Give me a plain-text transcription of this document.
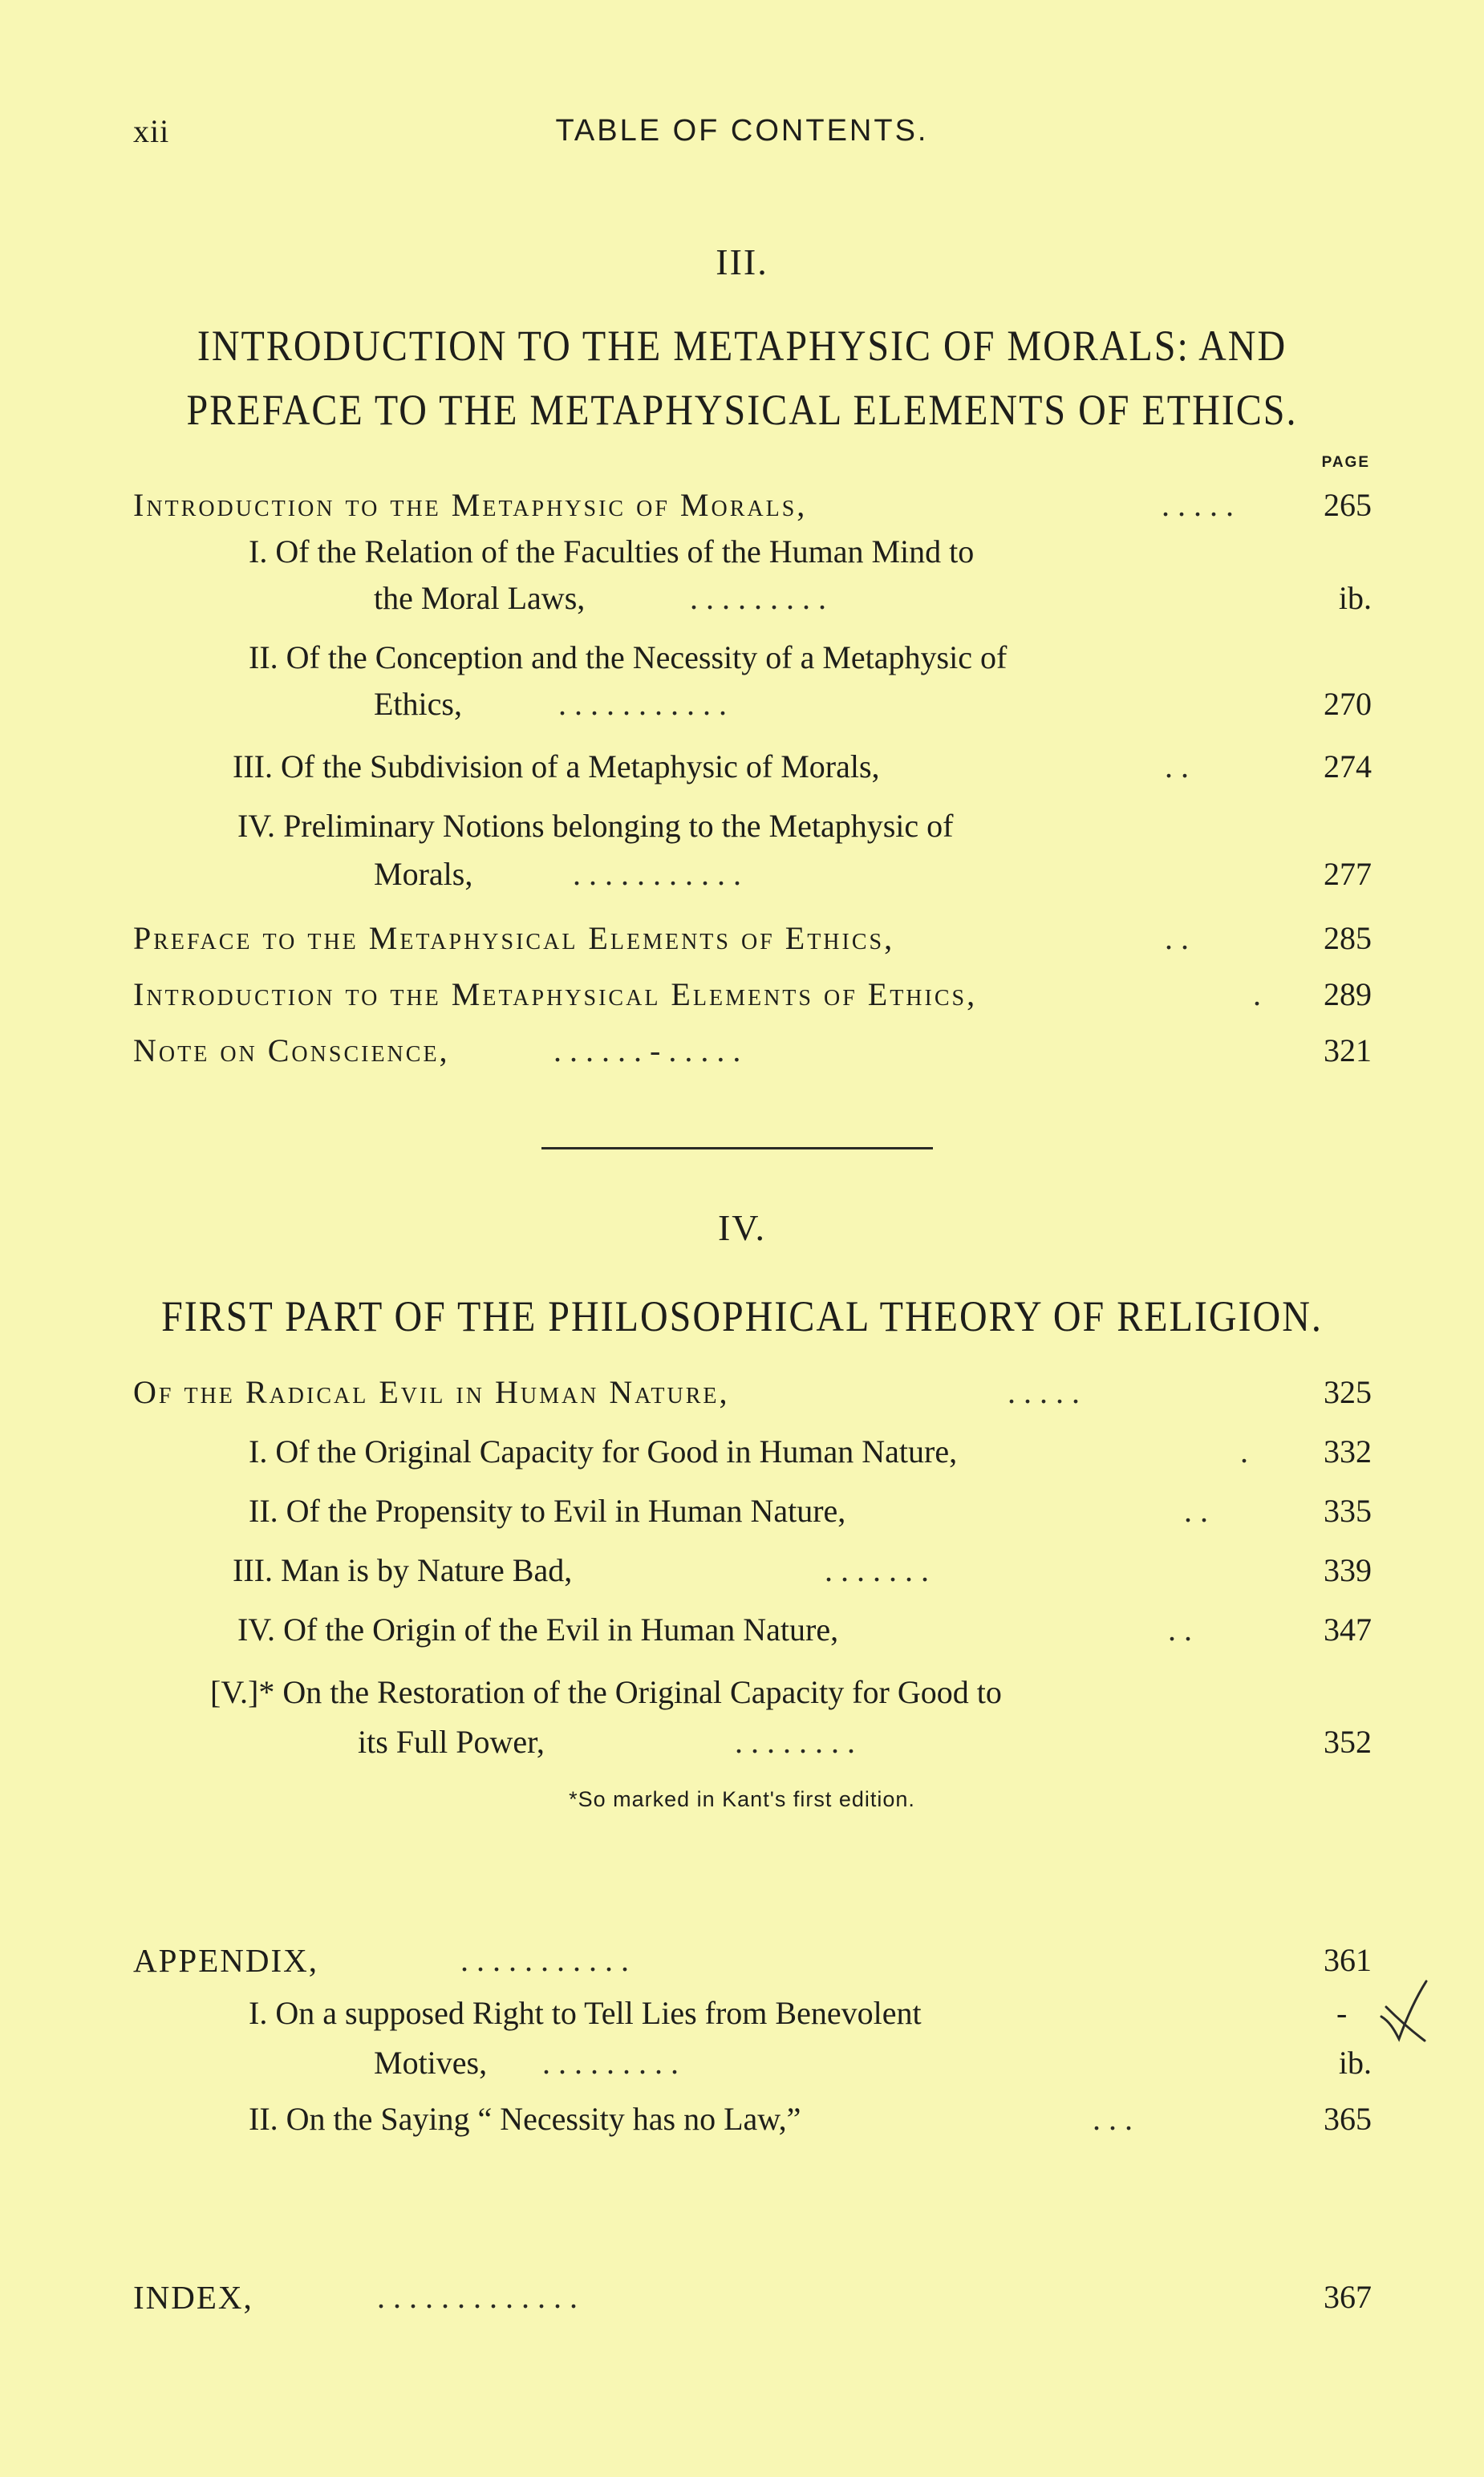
xii	TABLE OF CONTENTS.
III.
INTRODUCTION TO THE METAPHYSIC OF MORALS: AND
PREFACE TO THE METAPHYSICAL ELEMENTS OF ETHICS.
PAGE
Introduction to the Metaphysic of Morals,	. . . . .	265
I. Of the Relation of the Faculties of the Human Mind to
the Moral Laws,	. . . . . . . . .	ib.
II. Of the Conception and the Necessity of a Metaphysic of
Ethics,	. . . . . . . . . . .	270
III. Of the Subdivision of a Metaphysic of Morals,	. .	274
IV. Preliminary Notions belonging to the Metaphysic of
Morals,	. . . . . . . . . . .	277
Preface to the Metaphysical Elements of Ethics,	. .	285
Introduction to the Metaphysical Elements of Ethics,	. 289
Note on Conscience,	. . . . . . - . . . . .	321
IV.
FIRST PART OF THE PHILOSOPHICAL THEORY OF RELIGION.
Of the Radical Evil in Human Nature,	. . . . .	325
I. Of the Original Capacity for Good in Human Nature,	. 332
II. Of the Propensity to Evil in Human Nature,	. .	335
III. Man is by Nature Bad,	. . . . . . .	339
IV. Of the Origin of the Evil in Human Nature,	. .	347
[V.]* On the Restoration of the Original Capacity for Good to
its Full Power,	. . . . . . . .	352
*So marked in Kant's first edition.
APPENDIX,	. . . . . . . . . . .	361
I. On a supposed Right to Tell Lies from Benevolent	-
Motives, . . . . . . . . .	ib.
II. On the Saying “ Necessity has no Law,”	. . .	365
INDEX,	. . . . . . . . . . . . .	367
